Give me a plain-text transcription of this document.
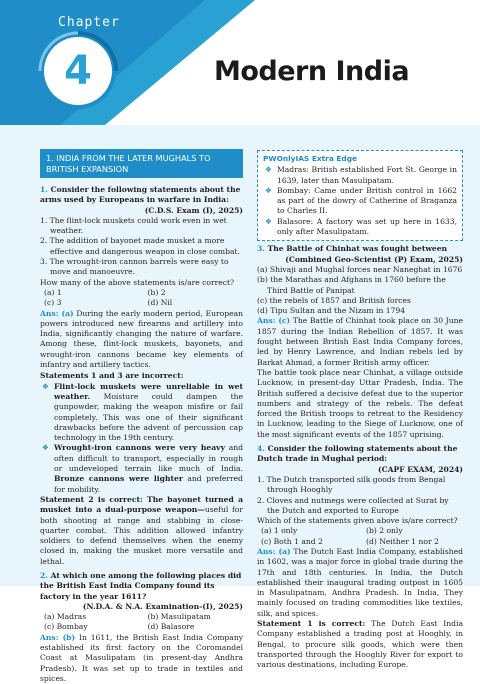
Chapter
4	Modern India
1. INDIA FROM THE LATER MUGHALS TO BRITISH EXPANSION
1. Consider the following statements about the arms used by Europeans in warfare in India:
(C.D.S. Exam (I), 2025)
1. The flint-lock muskets could work even in wet weather.
2. The addition of bayonet made musket a more effective and dangerous weapon in close combat.
3. The wrought-iron cannon barrels were easy to move and manoeuvre.
How many of the above statements is/are correct?
(a) 1	(b) 2
(c) 3	(d) Nil
Ans: (a) During the early modern period, European powers introduced new firearms and artillery into India, significantly changing the nature of warfare. Among these, flint-lock muskets, bayonets, and wrought-iron cannons became key elements of infantry and artillery tactics.
Statements 1 and 3 are incorrect:
❖ Flint-lock muskets were unreliable in wet weather. Moisture could dampen the gunpowder, making the weapon misfire or fail completely. This was one of their significant drawbacks before the advent of percussion cap technology in the 19th century.
❖ Wrought-iron cannons were very heavy and often difficult to transport, especially in rough or undeveloped terrain like much of India. Bronze cannons were lighter and preferred for mobility.
Statement 2 is correct: The bayonet turned a musket into a dual-purpose weapon—useful for both shooting at range and stabbing in close-quarter combat. This addition allowed infantry soldiers to defend themselves when the enemy closed in, making the musket more versatile and lethal.
2. At which one among the following places did the British East India Company found its factory in the year 1611?
(N.D.A. & N.A. Examination-(I), 2025)
(a) Madras	(b) Masulipatam
(c) Bombay	(d) Balasore
Ans: (b) In 1611, the British East India Company established its first factory on the Coromandel Coast at Masulipatam (in present-day Andhra Pradesh). It was set up to trade in textiles and spices.
PWOnlyIAS Extra Edge
❖ Madras: British established Fort St. George in 1639, later than Masulipatam.
❖ Bombay: Came under British control in 1662 as part of the dowry of Catherine of Braganza to Charles II.
❖ Balasore: A factory was set up here in 1633, only after Masulipatam.
3. The Battle of Chinhat was fought between
(Combined Geo-Scientist (P) Exam, 2025)
(a) Shivaji and Mughal forces near Naneghat in 1676
(b) the Marathas and Afghans in 1760 before the Third Battle of Panipat
(c) the rebels of 1857 and British forces
(d) Tipu Sultan and the Nizam in 1794
Ans: (c) The Battle of Chinhat took place on 30 June 1857 during the Indian Rebellion of 1857. It was fought between British East India Company forces, led by Henry Lawrence, and Indian rebels led by Barkat Ahmad, a former British army officer.
The battle took place near Chinhat, a village outside Lucknow, in present-day Uttar Pradesh, India. The British suffered a decisive defeat due to the superior numbers and strategy of the rebels. The defeat forced the British troops to retreat to the Residency in Lucknow, leading to the Siege of Lucknow, one of the most significant events of the 1857 uprising.
4. Consider the following statements about the Dutch trade in Mughal period:
(CAPF EXAM, 2024)
1. The Dutch transported silk goods from Bengal through Hooghly
2. Cloves and nutmegs were collected at Surat by the Dutch and exported to Europe
Which of the statements given above is/are correct?
(a) 1 only	(b) 2 only
(c) Both 1 and 2	(d) Neither 1 nor 2
Ans: (a) The Dutch East India Company, established in 1602, was a major force in global trade during the 17th and 18th centuries. In India, the Dutch established their inaugural trading outpost in 1605 in Masulipatnam, Andhra Pradesh. In India, They mainly focused on trading commodities like textiles, silk, and spices.
Statement 1 is correct: The Dutch East India Company established a trading post at Hooghly, in Bengal, to procure silk goods, which were then transported through the Hooghly River for export to various destinations, including Europe.
